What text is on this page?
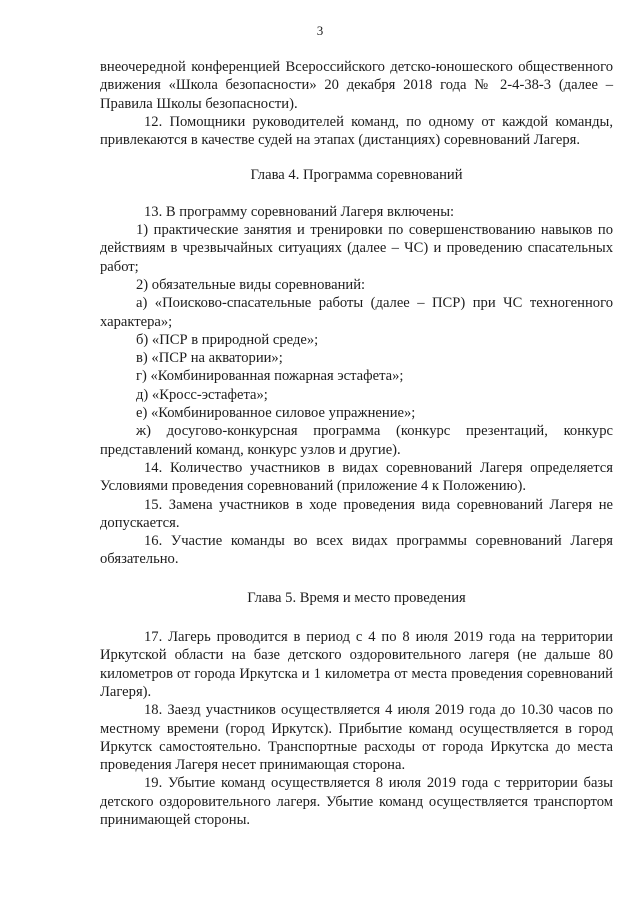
3

внеочередной конференцией Всероссийского детско-юношеского общественного движения «Школа безопасности» 20 декабря 2018 года № 2-4-38-3 (далее – Правила Школы безопасности).

12. Помощники руководителей команд, по одному от каждой команды, привлекаются в качестве судей на этапах (дистанциях) соревнований Лагеря.

Глава 4. Программа соревнований

13. В программу соревнований Лагеря включены:

1) практические занятия и тренировки по совершенствованию навыков по действиям в чрезвычайных ситуациях (далее – ЧС) и проведению спасательных работ;

2) обязательные виды соревнований:

а) «Поисково-спасательные работы (далее – ПСР) при ЧС техногенного характера»;

б) «ПСР в природной среде»;

в) «ПСР на акватории»;

г) «Комбинированная пожарная эстафета»;

д) «Кросс-эстафета»;

е) «Комбинированное силовое упражнение»;

ж) досугово-конкурсная программа (конкурс презентаций, конкурс представлений команд, конкурс узлов и другие).

14. Количество участников в видах соревнований Лагеря определяется Условиями проведения соревнований (приложение 4 к Положению).

15. Замена участников в ходе проведения вида соревнований Лагеря не допускается.

16. Участие команды во всех видах программы соревнований Лагеря обязательно.

Глава 5. Время и место проведения

17. Лагерь проводится в период с 4 по 8 июля 2019 года на территории Иркутской области на базе детского оздоровительного лагеря (не дальше 80 километров от города Иркутска и 1 километра от места проведения соревнований Лагеря).

18. Заезд участников осуществляется 4 июля 2019 года до 10.30 часов по местному времени (город Иркутск). Прибытие команд осуществляется в город Иркутск самостоятельно. Транспортные расходы от города Иркутска до места проведения Лагеря несет принимающая сторона.

19. Убытие команд осуществляется 8 июля 2019 года с территории базы детского оздоровительного лагеря. Убытие команд осуществляется транспортом принимающей стороны.
